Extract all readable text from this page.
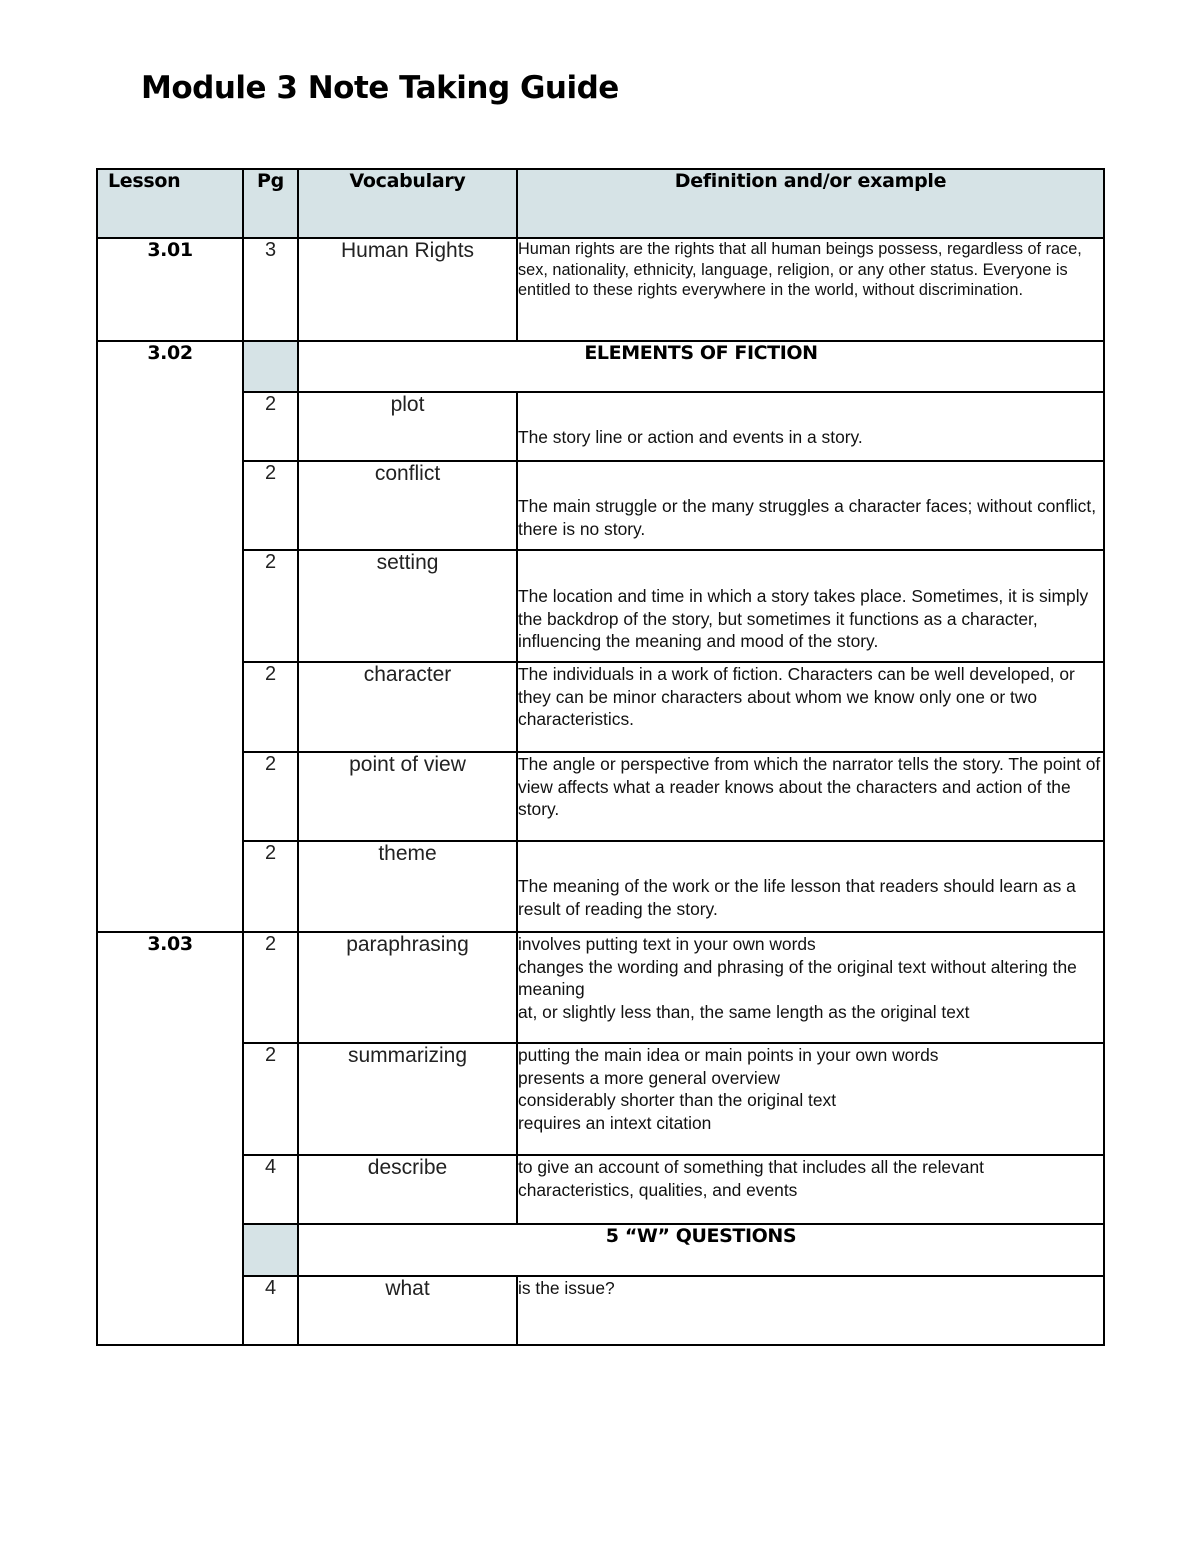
Module 3 Note Taking Guide
Lesson	Pg	Vocabulary	Definition and/or example
3.01	3	Human Rights	Human rights are the rights that all human beings possess, regardless of race, sex, nationality, ethnicity, language, religion, or any other status. Everyone is entitled to these rights everywhere in the world, without discrimination.
3.02		ELEMENTS OF FICTION	
	2	plot	The story line or action and events in a story.
	2	conflict	The main struggle or the many struggles a character faces; without conflict, there is no story.
	2	setting	The location and time in which a story takes place. Sometimes, it is simply the backdrop of the story, but sometimes it functions as a character, influencing the meaning and mood of the story.
	2	character	The individuals in a work of fiction. Characters can be well developed, or they can be minor characters about whom we know only one or two characteristics.
	2	point of view	The angle or perspective from which the narrator tells the story. The point of view affects what a reader knows about the characters and action of the story.
	2	theme	The meaning of the work or the life lesson that readers should learn as a result of reading the story.
3.03	2	paraphrasing	involves putting text in your own words
changes the wording and phrasing of the original text without altering the meaning
at, or slightly less than, the same length as the original text

	2	summarizing	putting the main idea or main points in your own words
presents a more general overview
considerably shorter than the original text
requires an intext citation

	4	describe	to give an account of something that includes all the relevant characteristics, qualities, and events
		5 “W” QUESTIONS	
	4	what	is the issue?
